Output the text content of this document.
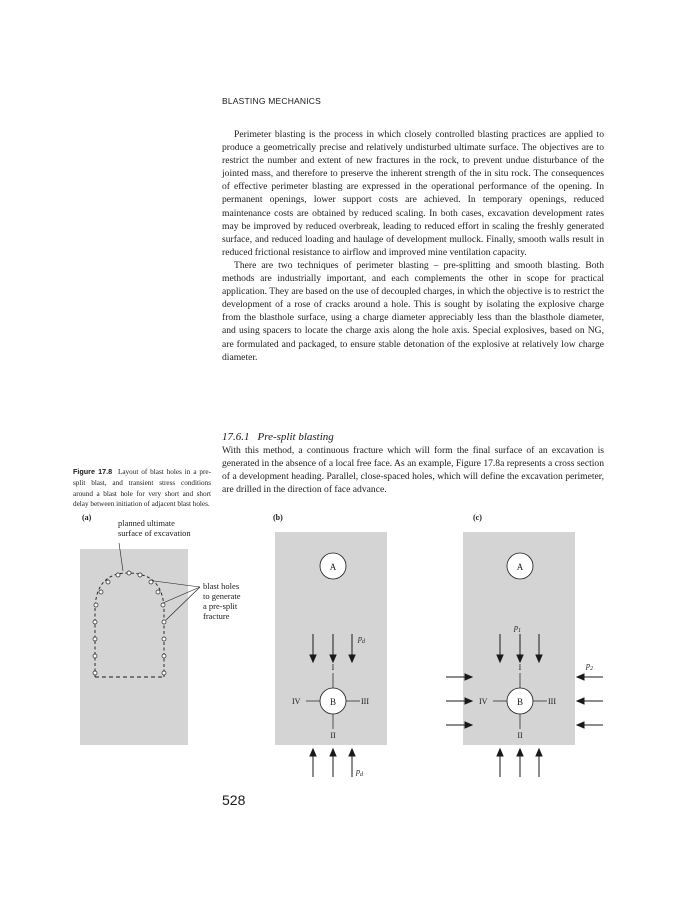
BLASTING MECHANICS

Perimeter blasting is the process in which closely controlled blasting practices are applied to produce a geometrically precise and relatively undisturbed ultimate surface. The objectives are to restrict the number and extent of new fractures in the rock, to prevent undue disturbance of the jointed mass, and therefore to preserve the inherent strength of the in situ rock. The consequences of effective perimeter blasting are expressed in the operational performance of the opening. In permanent openings, lower support costs are achieved. In temporary openings, reduced maintenance costs are obtained by reduced scaling. In both cases, excavation development rates may be improved by reduced overbreak, leading to reduced effort in scaling the freshly generated surface, and reduced loading and haulage of development mullock. Finally, smooth walls result in reduced frictional resistance to airflow and improved mine ventilation capacity.

There are two techniques of perimeter blasting – pre-splitting and smooth blasting. Both methods are industrially important, and each complements the other in scope for practical application. They are based on the use of decoupled charges, in which the objective is to restrict the development of a rose of cracks around a hole. This is sought by isolating the explosive charge from the blasthole surface, using a charge diameter appreciably less than the blasthole diameter, and using spacers to locate the charge axis along the hole axis. Special explosives, based on NG, are formulated and packaged, to ensure stable detonation of the explosive at relatively low charge diameter.

17.6.1 Pre-split blasting

With this method, a continuous fracture which will form the final surface of an excavation is generated in the absence of a local free face. As an example, Figure 17.8a represents a cross section of a development heading. Parallel, close-spaced holes, which will define the excavation perimeter, are drilled in the direction of face advance.

Figure 17.8 Layout of blast holes in a pre-split blast, and transient stress conditions around a blast hole for very short and short delay between initiation of adjacent blast holes.

(a)
planned ultimate
surface of excavation
blast holes
to generate
a pre-split
fracture
(b)
A
B
I
II
III
IV
$p_d$
$p_d$
(c)
A
B
I
II
III
IV
$p_1$
$p_2$
528
